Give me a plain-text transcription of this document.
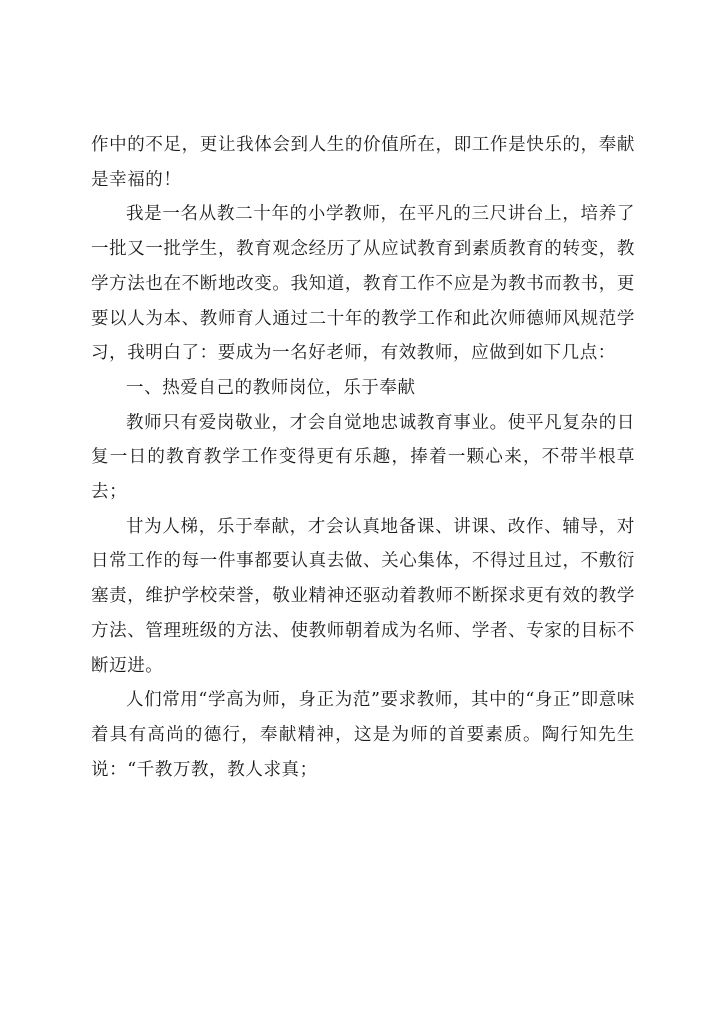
作中的不足，更让我体会到人生的价值所在，即工作是快乐的，奉献是幸福的！

我是一名从教二十年的小学教师，在平凡的三尺讲台上，培养了一批又一批学生，教育观念经历了从应试教育到素质教育的转变，教学方法也在不断地改变。我知道，教育工作不应是为教书而教书，更要以人为本、教师育人通过二十年的教学工作和此次师德师风规范学习，我明白了：要成为一名好老师，有效教师，应做到如下几点：

一、热爱自己的教师岗位，乐于奉献

教师只有爱岗敬业，才会自觉地忠诚教育事业。使平凡复杂的日复一日的教育教学工作变得更有乐趣，捧着一颗心来，不带半根草去；

甘为人梯，乐于奉献，才会认真地备课、讲课、改作、辅导，对日常工作的每一件事都要认真去做、关心集体，不得过且过，不敷衍塞责，维护学校荣誉，敬业精神还驱动着教师不断探求更有效的教学方法、管理班级的方法、使教师朝着成为名师、学者、专家的目标不断迈进。

人们常用“学高为师，身正为范”要求教师，其中的“身正”即意味着具有高尚的德行，奉献精神，这是为师的首要素质。陶行知先生说：“千教万教，教人求真；
